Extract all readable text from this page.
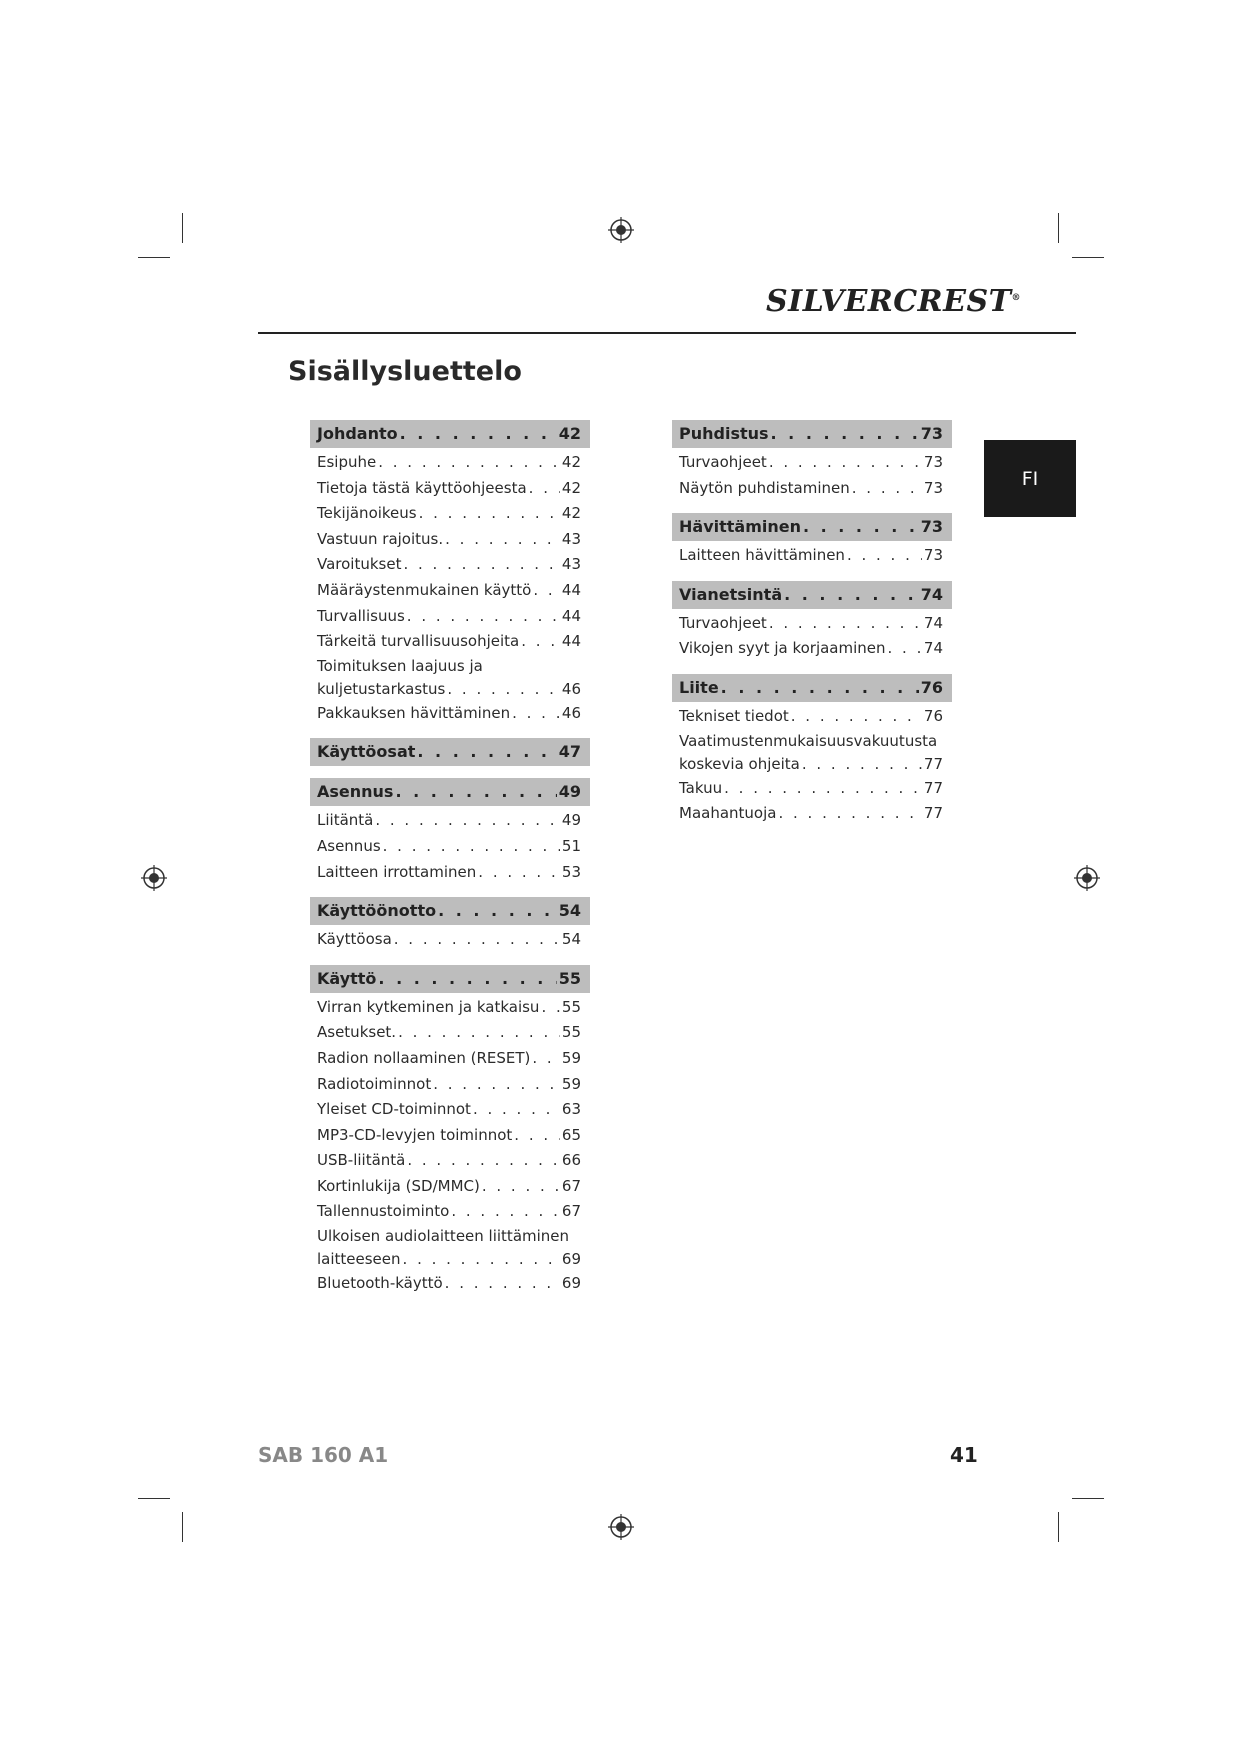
SILVERCREST®
Sisällysluettelo
FI
Johdanto . . .	42
Esipuhe . . .	42
Tietoja tästä käyttöohjeesta . . . 42
Tekijänoikeus . . .	42
Vastuun rajoitus. . . .	43
Varoitukset . . .	43
Määräystenmukainen käyttö . . . 44
Turvallisuus . . .	44
Tärkeitä turvallisuusohjeita . . .	44
Toimituksen laajuus ja
kuljetustarkastus . . .	46
Pakkauksen hävittäminen . . .	46
Käyttöosat . . .	47
Asennus . . .	49
Liitäntä . . .	49
Asennus . . .	51
Laitteen irrottaminen . . .	53
Käyttöönotto . . .	54
Käyttöosa . . .	54
Käyttö . . .	55
Virran kytkeminen ja katkaisu . . . 55
Asetukset. . . .	55
Radion nollaaminen (RESET) . . . 59
Radiotoiminnot . . .	59
Yleiset CD-toiminnot . . .	63
MP3-CD-levyjen toiminnot . . .	65
USB-liitäntä . . .	66
Kortinlukija (SD/MMC) . . .	67
Tallennustoiminto . . .	67
Ulkoisen audiolaitteen liittäminen
laitteeseen . . .	69
Bluetooth-käyttö . . .	69
Puhdistus . . .	73
Turvaohjeet . . .	73
Näytön puhdistaminen . . .	73
Hävittäminen . . .	73
Laitteen hävittäminen . . .	73
Vianetsintä . . .	74
Turvaohjeet . . .	74
Vikojen syyt ja korjaaminen . . .	74
Liite . . .	76
Tekniset tiedot . . .	76
Vaatimustenmukaisuusvakuutusta
koskevia ohjeita . . .	77
Takuu . . .	77
Maahantuoja . . .	77
SAB 160 A1	41
